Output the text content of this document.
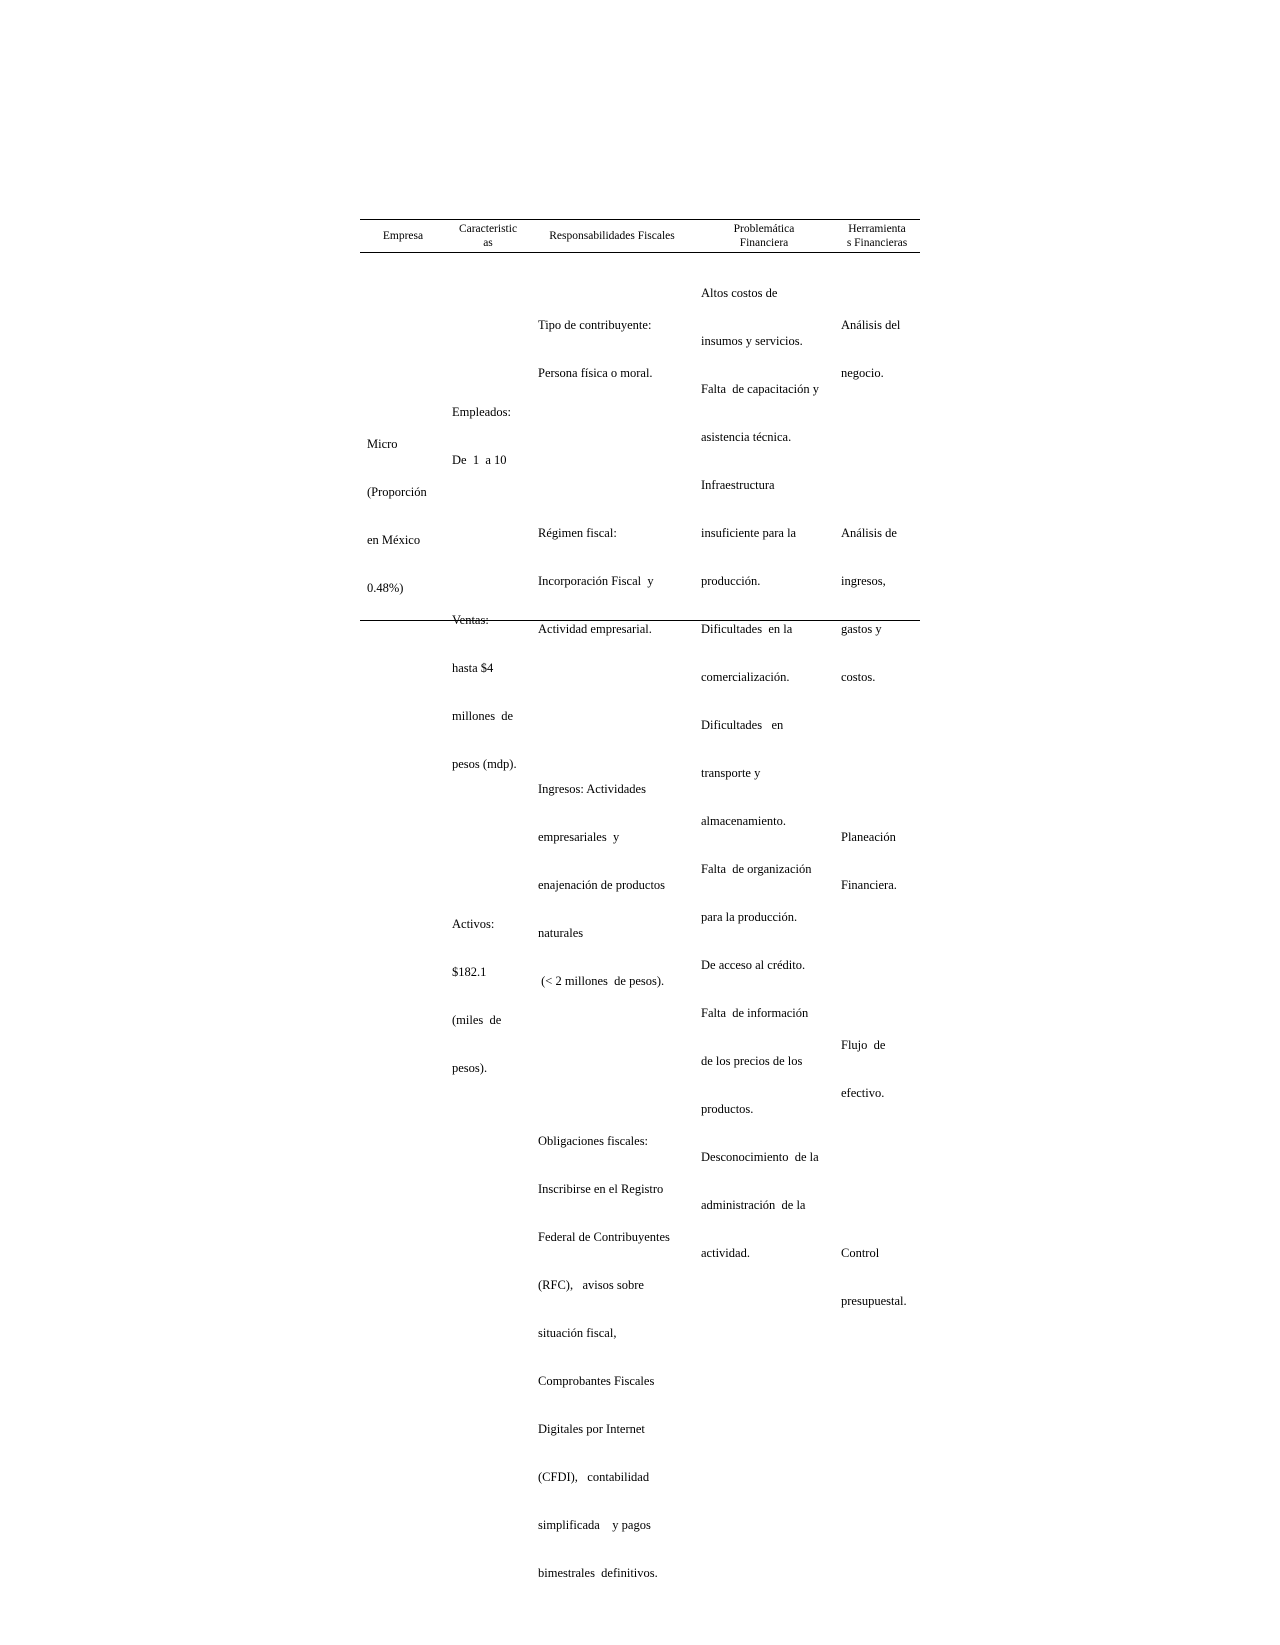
Empresa
Caracteristic
as
Responsabilidades Fiscales
Problemática
Financiera
Herramienta
s Financieras

Micro

(Proporción

en México

0.48%)

Empleados:

De  1  a 10

Ventas:

hasta $4

millones  de

pesos (mdp).

Activos:

$182.1

(miles  de

pesos).

Tipo de contribuyente:

Persona física o moral.

Régimen fiscal:

Incorporación Fiscal  y

Actividad empresarial.

Ingresos: Actividades

empresariales  y

enajenación de productos

naturales

(< 2 millones  de pesos).

Obligaciones fiscales:

Inscribirse en el Registro

Federal de Contribuyentes

(RFC),   avisos sobre

situación fiscal,

Comprobantes Fiscales

Digitales por Internet

(CFDI),   contabilidad

simplificada    y pagos

bimestrales  definitivos.

Altos costos de

insumos y servicios.

Falta  de capacitación y

asistencia técnica.

Infraestructura

insuficiente para la

producción.

Dificultades  en la

comercialización.

Dificultades   en

transporte y

almacenamiento.

Falta  de organización

para la producción.

De acceso al crédito.

Falta  de información

de los precios de los

productos.

Desconocimiento  de la

administración  de la

actividad.

Análisis del

negocio.

Análisis de

ingresos,

gastos y

costos.

Planeación

Financiera.

Flujo  de

efectivo.

Control

presupuestal.
